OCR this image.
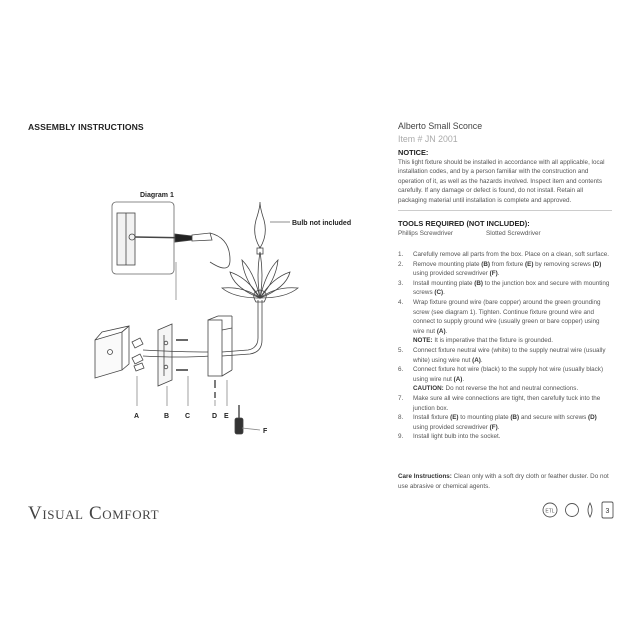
ASSEMBLY INSTRUCTIONS	Alberto Small Sconce
Item # JN 2001
NOTICE:
This light fixture should be installed in accordance with all applicable, local installation codes, and by a person familiar with the construction and operation of it, as well as the hazards involved. Inspect item and contents carefully. If any damage or defect is found, do not install. Retain all packaging material until installation is complete and approved.
TOOLS REQUIRED (NOT INCLUDED):
Phillips Screwdriver	Slotted Screwdriver
1.	Carefully remove all parts from the box. Place on a clean, soft surface.
2.	Remove mounting plate (B) from fixture (E) by removing screws (D) using provided screwdriver (F).
3.	Install mounting plate (B) to the junction box and secure with mounting screws (C).
4.	Wrap fixture ground wire (bare copper) around the green grounding screw (see diagram 1). Tighten. Continue fixture ground wire and connect to supply ground wire (usually green or bare copper) using wire nut (A).
NOTE: It is imperative that the fixture is grounded.
5.	Connect fixture neutral wire (white) to the supply neutral wire (usually white) using wire nut (A).
6.	Connect fixture hot wire (black) to the supply hot wire (usually black) using wire nut (A).
CAUTION: Do not reverse the hot and neutral connections.
7.	Make sure all wire connections are tight, then carefully tuck into the junction box.
8.	Install fixture (E) to mounting plate (B) and secure with screws (D) using provided screwdriver (F).
9.	Install light bulb into the socket.
Care Instructions: Clean only with a soft dry cloth or feather duster. Do not use abrasive or chemical agents.
Visual Comfort
Diagram 1
Bulb not included
A	B C	D E
F
ETL	3
